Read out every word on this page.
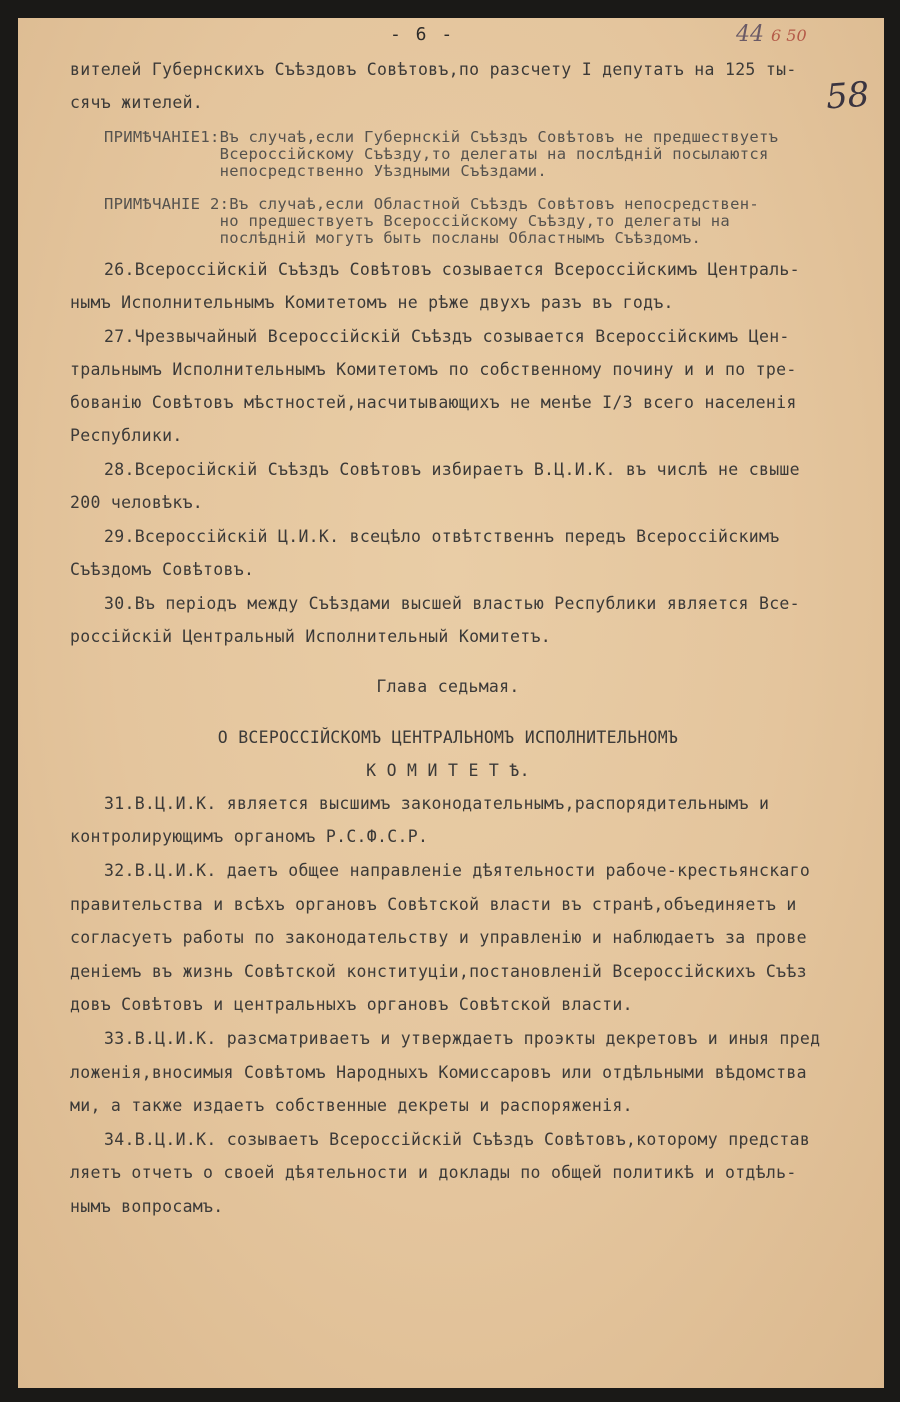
- 6 -	44 6 50
58
вителей Губернскихъ Съѣздовъ Совѣтовъ,по разсчету I депутатъ на 125 ты-
сячъ жителей.
ПРИМѢЧАНІЕ1:Въ случаѣ,если Губернскій Съѣздъ Совѣтовъ не предшествуетъ
Всероссійскому Съѣзду,то делегаты на послѣдній посылаются
непосредственно Уѣздными Съѣздами.
ПРИМѢЧАНІЕ 2:Въ случаѣ,если Областной Съѣздъ Совѣтовъ непосредствен-
но предшествуетъ Всероссійскому Съѣзду,то делегаты на
послѣдній могутъ быть посланы Областнымъ Съѣздомъ.
26.Всероссійскій Съѣздъ Совѣтовъ созывается Всероссійскимъ Централь-
нымъ Исполнительнымъ Комитетомъ не рѣже двухъ разъ въ годъ.
27.Чрезвычайный Всероссійскій Съѣздъ созывается Всероссійскимъ Цен-
тральнымъ Исполнительнымъ Комитетомъ по собственному почину и и по тре-
бованію Совѣтовъ мѣстностей,насчитывающихъ не менѣе I/3 всего населенія
Республики.
28.Всеросійскій Съѣздъ Совѣтовъ избираетъ В.Ц.И.К. въ числѣ не свыше
200 человѣкъ.
29.Всероссійскій Ц.И.К. всецѣло отвѣтственнъ передъ Всероссійскимъ
Съѣздомъ Совѣтовъ.
30.Въ періодъ между Съѣздами высшей властью Республики является Все-
россійскій Центральный Исполнительный Комитетъ.
Глава седьмая.
О ВСЕРОССІЙСКОМЪ ЦЕНТРАЛЬНОМЪ ИСПОЛНИТЕЛЬНОМЪ
К О М И Т Е Т Ѣ.
31.В.Ц.И.К. является высшимъ законодательнымъ,распорядительнымъ и
контролирующимъ органомъ Р.С.Ф.С.Р.
32.В.Ц.И.К. даетъ общее направленіе дѣятельности рабоче-крестьянскаго
правительства и всѣхъ органовъ Совѣтской власти въ странѣ,объединяетъ и
согласуетъ работы по законодательству и управленію и наблюдаетъ за прове
деніемъ въ жизнь Совѣтской конституціи,постановленій Всероссійскихъ Съѣз
довъ Совѣтовъ и центральныхъ органовъ Совѣтской власти.
33.В.Ц.И.К. разсматриваетъ и утверждаетъ проэкты декретовъ и иныя пред
ложенія,вносимыя Совѣтомъ Народныхъ Комиссаровъ или отдѣльными вѣдомства
ми, а также издаетъ собственные декреты и распоряженія.
34.В.Ц.И.К. созываетъ Всероссійскій Съѣздъ Совѣтовъ,которому представ
ляетъ отчетъ о своей дѣятельности и доклады по общей политикѣ и отдѣль-
нымъ вопросамъ.
